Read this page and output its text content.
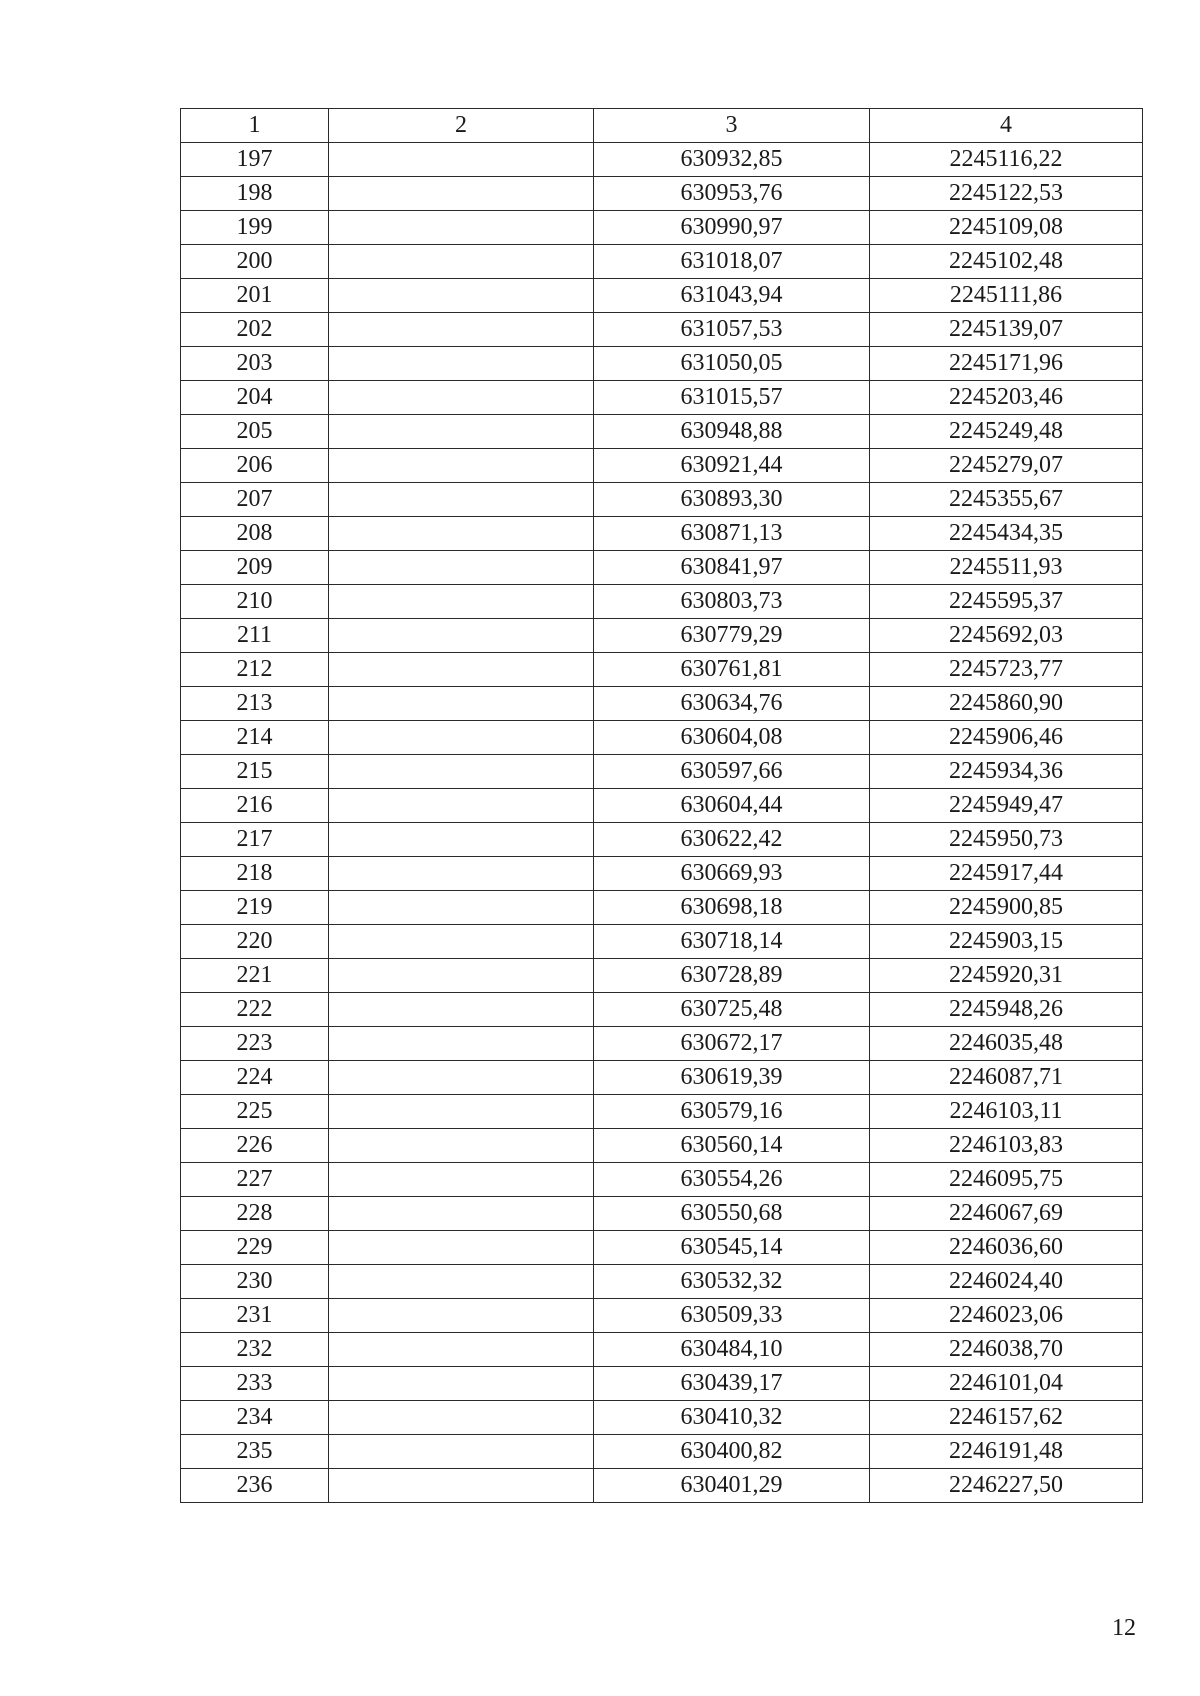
1	2	3	4
197		630932,85	2245116,22
198		630953,76	2245122,53
199		630990,97	2245109,08
200		631018,07	2245102,48
201		631043,94	2245111,86
202		631057,53	2245139,07
203		631050,05	2245171,96
204		631015,57	2245203,46
205		630948,88	2245249,48
206		630921,44	2245279,07
207		630893,30	2245355,67
208		630871,13	2245434,35
209		630841,97	2245511,93
210		630803,73	2245595,37
211		630779,29	2245692,03
212		630761,81	2245723,77
213		630634,76	2245860,90
214		630604,08	2245906,46
215		630597,66	2245934,36
216		630604,44	2245949,47
217		630622,42	2245950,73
218		630669,93	2245917,44
219		630698,18	2245900,85
220		630718,14	2245903,15
221		630728,89	2245920,31
222		630725,48	2245948,26
223		630672,17	2246035,48
224		630619,39	2246087,71
225		630579,16	2246103,11
226		630560,14	2246103,83
227		630554,26	2246095,75
228		630550,68	2246067,69
229		630545,14	2246036,60
230		630532,32	2246024,40
231		630509,33	2246023,06
232		630484,10	2246038,70
233		630439,17	2246101,04
234		630410,32	2246157,62
235		630400,82	2246191,48
236		630401,29	2246227,50
12
